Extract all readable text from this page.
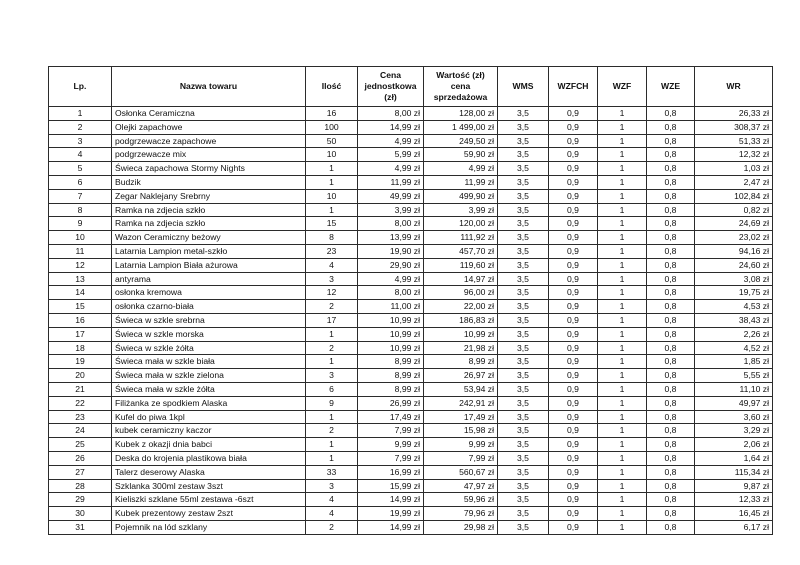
Lp.	Nazwa towaru	Ilość	Cena jednostkowa (zł)	Wartość (zł) cena sprzedażowa	WMS	WZFCH	WZF	WZE	WR
1	Osłonka Ceramiczna	16	8,00 zł	128,00 zł	3,5	0,9	1	0,8	26,33 zł
2	Olejki zapachowe	100	14,99 zł	1 499,00 zł	3,5	0,9	1	0,8	308,37 zł
3	podgrzewacze zapachowe	50	4,99 zł	249,50 zł	3,5	0,9	1	0,8	51,33 zł
4	podgrzewacze mix	10	5,99 zł	59,90 zł	3,5	0,9	1	0,8	12,32 zł
5	Świeca zapachowa Stormy Nights	1	4,99 zł	4,99 zł	3,5	0,9	1	0,8	1,03 zł
6	Budzik	1	11,99 zł	11,99 zł	3,5	0,9	1	0,8	2,47 zł
7	Zegar Naklejany Srebrny	10	49,99 zł	499,90 zł	3,5	0,9	1	0,8	102,84 zł
8	Ramka na zdjecia szkło	1	3,99 zł	3,99 zł	3,5	0,9	1	0,8	0,82 zł
9	Ramka na zdjecia szkło	15	8,00 zł	120,00 zł	3,5	0,9	1	0,8	24,69 zł
10	Wazon Ceramiczny beżowy	8	13,99 zł	111,92 zł	3,5	0,9	1	0,8	23,02 zł
11	Latarnia Lampion metal-szkło	23	19,90 zł	457,70 zł	3,5	0,9	1	0,8	94,16 zł
12	Latarnia Lampion Biała ażurowa	4	29,90 zł	119,60 zł	3,5	0,9	1	0,8	24,60 zł
13	antyrama	3	4,99 zł	14,97 zł	3,5	0,9	1	0,8	3,08 zł
14	osłonka kremowa	12	8,00 zł	96,00 zł	3,5	0,9	1	0,8	19,75 zł
15	osłonka czarno-biała	2	11,00 zł	22,00 zł	3,5	0,9	1	0,8	4,53 zł
16	Świeca w szkle srebrna	17	10,99 zł	186,83 zł	3,5	0,9	1	0,8	38,43 zł
17	Świeca w szkle morska	1	10,99 zł	10,99 zł	3,5	0,9	1	0,8	2,26 zł
18	Świeca w szkle żółta	2	10,99 zł	21,98 zł	3,5	0,9	1	0,8	4,52 zł
19	Świeca mała w szkle biała	1	8,99 zł	8,99 zł	3,5	0,9	1	0,8	1,85 zł
20	Świeca mała w szkle zielona	3	8,99 zł	26,97 zł	3,5	0,9	1	0,8	5,55 zł
21	Świeca mała w szkle żółta	6	8,99 zł	53,94 zł	3,5	0,9	1	0,8	11,10 zł
22	Filiżanka ze spodkiem Alaska	9	26,99 zł	242,91 zł	3,5	0,9	1	0,8	49,97 zł
23	Kufel do piwa 1kpl	1	17,49 zł	17,49 zł	3,5	0,9	1	0,8	3,60 zł
24	kubek ceramiczny kaczor	2	7,99 zł	15,98 zł	3,5	0,9	1	0,8	3,29 zł
25	Kubek z okazji dnia babci	1	9,99 zł	9,99 zł	3,5	0,9	1	0,8	2,06 zł
26	Deska do krojenia plastikowa biała	1	7,99 zł	7,99 zł	3,5	0,9	1	0,8	1,64 zł
27	Talerz deserowy Alaska	33	16,99 zł	560,67 zł	3,5	0,9	1	0,8	115,34 zł
28	Szklanka 300ml zestaw 3szt	3	15,99 zł	47,97 zł	3,5	0,9	1	0,8	9,87 zł
29	Kieliszki szklane 55ml zestawa -6szt	4	14,99 zł	59,96 zł	3,5	0,9	1	0,8	12,33 zł
30	Kubek prezentowy zestaw 2szt	4	19,99 zł	79,96 zł	3,5	0,9	1	0,8	16,45 zł
31	Pojemnik na lód szklany	2	14,99 zł	29,98 zł	3,5	0,9	1	0,8	6,17 zł
